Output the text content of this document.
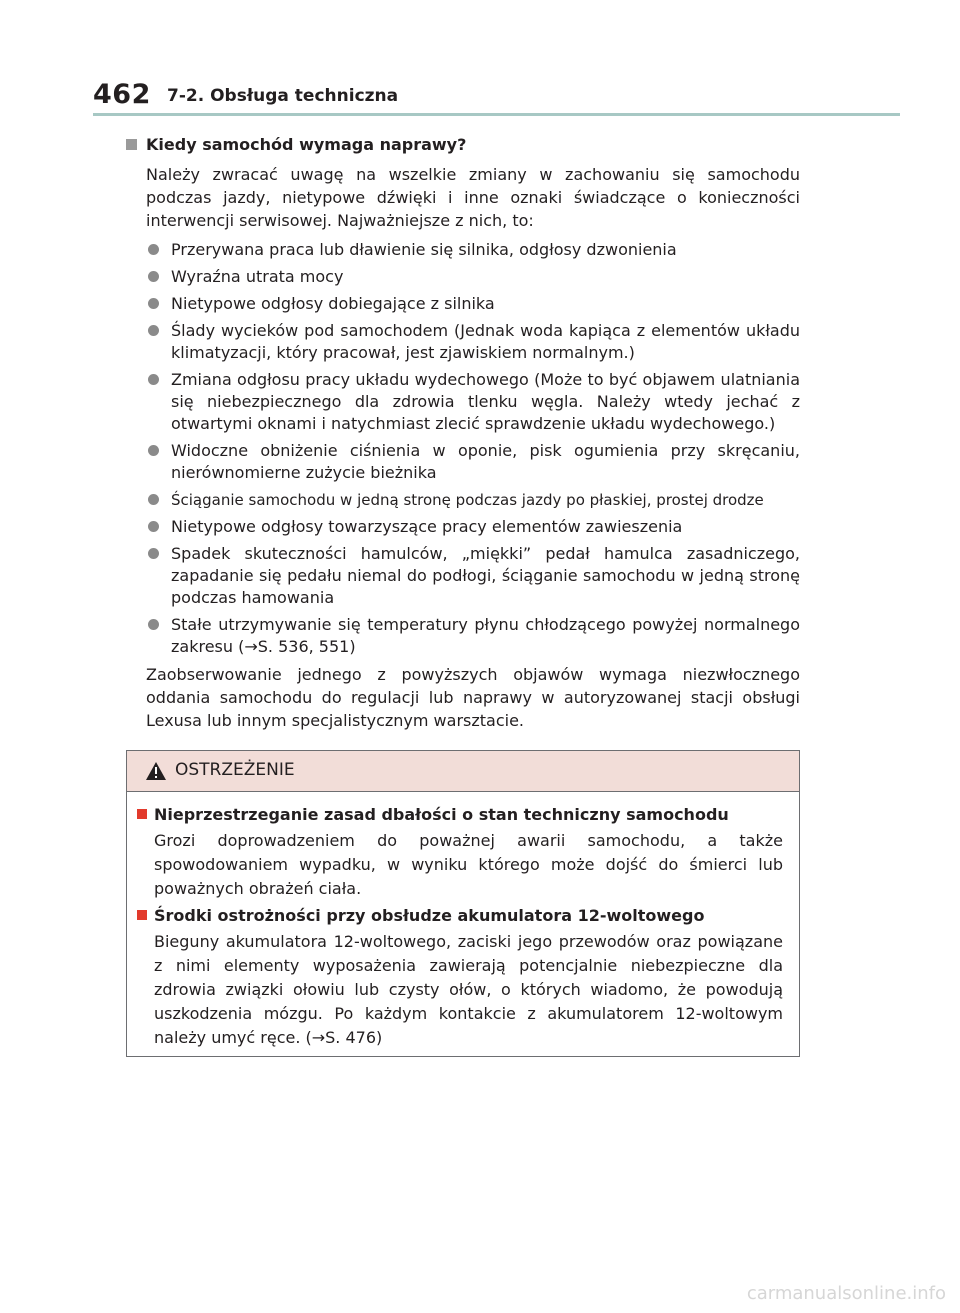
462 7-2. Obsługa techniczna
Kiedy samochód wymaga naprawy?

Należy zwracać uwagę na wszelkie zmiany w zachowaniu się samochodu podczas jazdy, nietypowe dźwięki i inne oznaki świadczące o konieczności interwencji serwisowej. Najważniejsze z nich, to:

Przerywana praca lub dławienie się silnika, odgłosy dzwonienia
Wyraźna utrata mocy
Nietypowe odgłosy dobiegające z silnika
Ślady wycieków pod samochodem (Jednak woda kapiąca z elementów układu klimatyzacji, który pracował, jest zjawiskiem normalnym.)
Zmiana odgłosu pracy układu wydechowego (Może to być objawem ulatniania się niebezpiecznego dla zdrowia tlenku węgla. Należy wtedy jechać z otwartymi oknami i natychmiast zlecić sprawdzenie układu wydechowego.)
Widoczne obniżenie ciśnienia w oponie, pisk ogumienia przy skręcaniu, nierównomierne zużycie bieżnika
Ściąganie samochodu w jedną stronę podczas jazdy po płaskiej, prostej drodze
Nietypowe odgłosy towarzyszące pracy elementów zawieszenia
Spadek skuteczności hamulców, „miękki” pedał hamulca zasadniczego, zapadanie się pedału niemal do podłogi, ściąganie samochodu w jedną stronę podczas hamowania
Stałe utrzymywanie się temperatury płynu chłodzącego powyżej normalnego zakresu (→S. 536, 551)

Zaobserwowanie jednego z powyższych objawów wymaga niezwłocznego oddania samochodu do regulacji lub naprawy w autoryzowanej stacji obsługi Lexusa lub innym specjalistycznym warsztacie.

OSTRZEŻENIE
Nieprzestrzeganie zasad dbałości o stan techniczny samochodu
Grozi doprowadzeniem do poważnej awarii samochodu, a także spowodowaniem wypadku, w wyniku którego może dojść do śmierci lub poważnych obrażeń ciała.
Środki ostrożności przy obsłudze akumulatora 12-woltowego
Bieguny akumulatora 12-woltowego, zaciski jego przewodów oraz powiązane z nimi elementy wyposażenia zawierają potencjalnie niebezpieczne dla zdrowia związki ołowiu lub czysty ołów, o których wiadomo, że powodują uszkodzenia mózgu. Po każdym kontakcie z akumulatorem 12-woltowym należy umyć ręce. (→S. 476)
carmanualsonline.info
